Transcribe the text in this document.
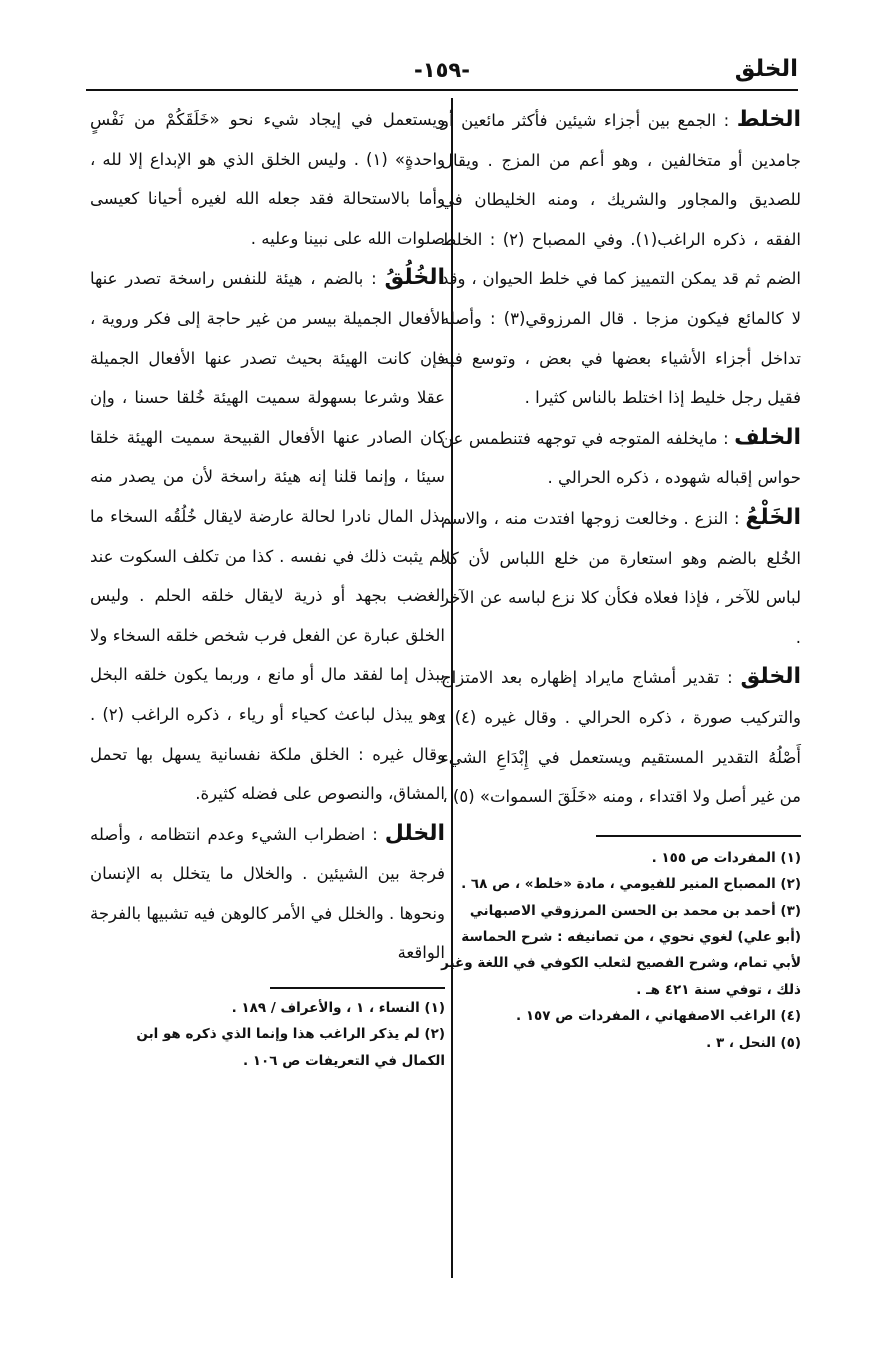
-١٥٩-	الخلق

الخلط : الجمع بين أجزاء شيئين فأكثر مائعين أو جامدين أو متخالفين ، وهو أعم من المزج . ويقال للصديق والمجاور والشريك ، ومنه الخليطان في الفقه ، ذكره الراغب(١). وفي المصباح (٢) : الخلط الضم ثم قد يمكن التمييز كما في خلط الحيوان ، وقد لا كالمائع فيكون مزجا . قال المرزوقي(٣) : وأصله تداخل أجزاء الأشياء بعضها في بعض ، وتوسع فيه فقيل رجل خليط إذا اختلط بالناس كثيرا .

الخلف : مايخلفه المتوجه في توجهه فتنطمس عن حواس إقباله شهوده ، ذكره الحرالي .

الخَلْعُ : النزع . وخالعت زوجها افتدت منه ، والاسم الخُلع بالضم وهو استعارة من خلع اللباس لأن كلا لباس للآخر ، فإذا فعلاه فكأن كلا نزع لباسه عن الآخر .

الخلق : تقدير أمشاج مايراد إظهاره بعد الامتزاج والتركيب صورة ، ذكره الحرالي . وقال غيره (٤) : أَصْلُهُ التقدير المستقيم ويستعمل في إِبْدَاعِ الشيء من غير أصل ولا اقتداء ، ومنه «خَلَقَ السموات» (٥) ،

(١) المفردات ص ١٥٥ .

(٢) المصباح المنير للفيومي ، مادة «خلط» ، ص ٦٨ .

(٣) أحمد بن محمد بن الحسن المرزوقي الاصبهاني (أبو علي) لغوي نحوي ، من تصانيفه : شرح الحماسة لأبي تمام، وشرح الفصيح لثعلب الكوفي في اللغة وغير ذلك ، توفي سنة ٤٢١ هـ .

(٤) الراغب الاصفهاني ، المفردات ص ١٥٧ .

(٥) النحل ، ٣ .

ويستعمل في إيجاد شيء نحو «خَلَقَكُمْ من نَفْسٍ واحدةٍ» (١) . وليس الخلق الذي هو الإبداع إلا لله ، وأما بالاستحالة فقد جعله الله لغيره أحيانا كعيسى صلوات الله على نبينا وعليه .

الخُلُقُ : بالضم ، هيئة للنفس راسخة تصدر عنها الأفعال الجميلة بيسر من غير حاجة إلى فكر وروية ، فإن كانت الهيئة بحيث تصدر عنها الأفعال الجميلة عقلا وشرعا بسهولة سميت الهيئة خُلقا حسنا ، وإن كان الصادر عنها الأفعال القبيحة سميت الهيئة خلقا سيئا ، وإنما قلنا إنه هيئة راسخة لأن من يصدر منه بذل المال نادرا لحالة عارضة لايقال خُلُقُه السخاء ما لم يثبت ذلك في نفسه . كذا من تكلف السكوت عند الغضب بجهد أو ذرية لايقال خلقه الحلم . وليس الخلق عبارة عن الفعل فرب شخص خلقه السخاء ولا يبذل إما لفقد مال أو مانع ، وربما يكون خلقه البخل وهو يبذل لباعث كحياء أو رياء ، ذكره الراغب (٢) . وقال غيره : الخلق ملكة نفسانية يسهل بها تحمل المشاق، والنصوص على فضله كثيرة.

الخلل : اضطراب الشيء وعدم انتظامه ، وأصله فرجة بين الشيئين . والخلال ما يتخلل به الإنسان ونحوها . والخلل في الأمر كالوهن فيه تشبيها بالفرجة الواقعة

(١) النساء ، ١ ، والأعراف / ١٨٩ .

(٢) لم يذكر الراغب هذا وإنما الذي ذكره هو ابن الكمال في التعريفات ص ١٠٦ .
